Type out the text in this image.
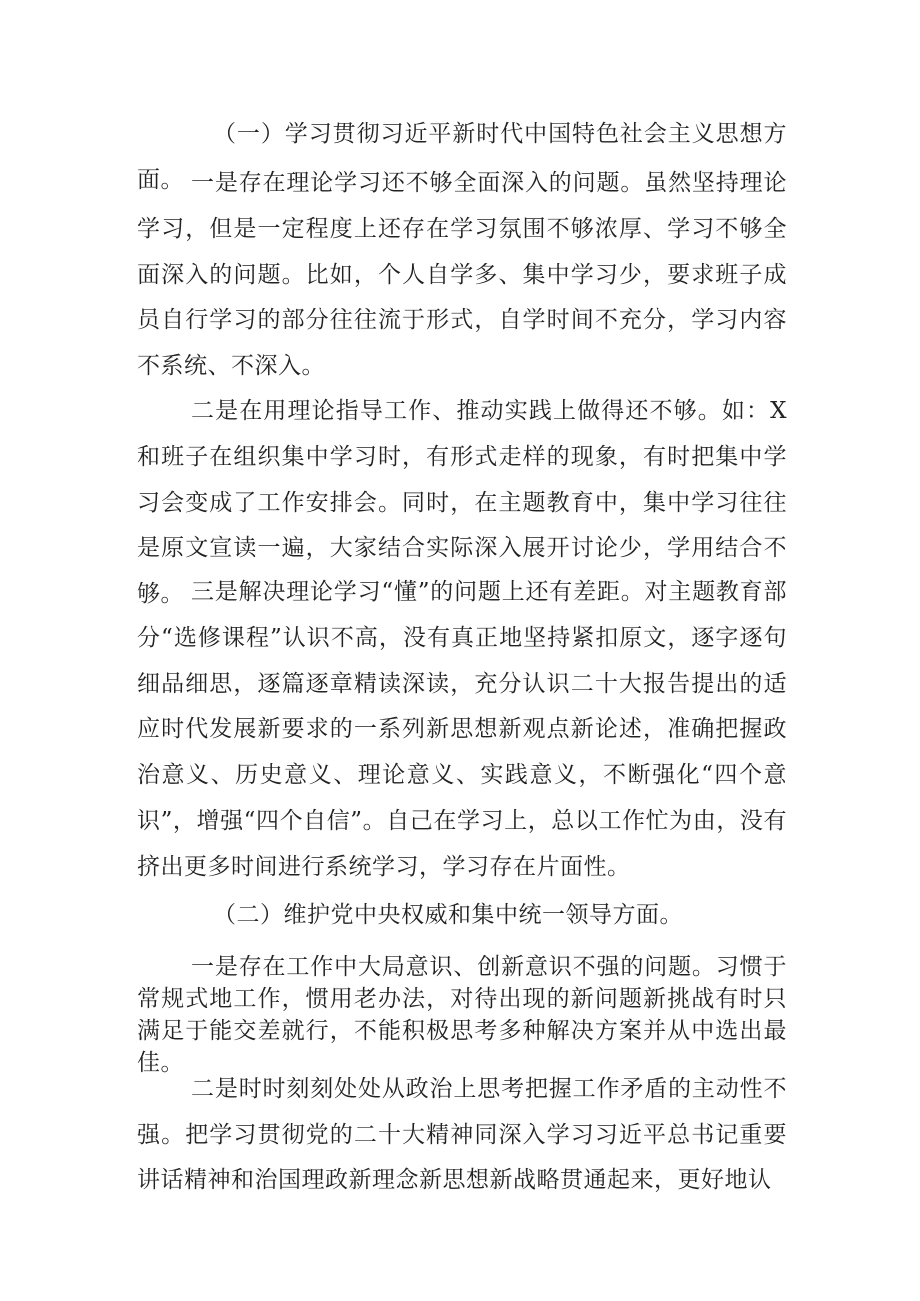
（一）学习贯彻习近平新时代中国特色社会主义思想方面。 一是存在理论学习还不够全面深入的问题。虽然坚持理论学习，但是一定程度上还存在学习氛围不够浓厚、学习不够全面深入的问题。比如，个人自学多、集中学习少，要求班子成员自行学习的部分往往流于形式，自学时间不充分，学习内容不系统、不深入。

二是在用理论指导工作、推动实践上做得还不够。如：X和班子在组织集中学习时，有形式走样的现象，有时把集中学习会变成了工作安排会。同时，在主题教育中，集中学习往往是原文宣读一遍，大家结合实际深入展开讨论少，学用结合不够。 三是解决理论学习“懂”的问题上还有差距。对主题教育部分“选修课程”认识不高，没有真正地坚持紧扣原文，逐字逐句细品细思，逐篇逐章精读深读，充分认识二十大报告提出的适应时代发展新要求的一系列新思想新观点新论述，准确把握政治意义、历史意义、理论意义、实践意义，不断强化“四个意识”，增强“四个自信”。自己在学习上，总以工作忙为由，没有挤出更多时间进行系统学习，学习存在片面性。

（二）维护党中央权威和集中统一领导方面。

一是存在工作中大局意识、创新意识不强的问题。习惯于常规式地工作，惯用老办法，对待出现的新问题新挑战有时只满足于能交差就行，不能积极思考多种解决方案并从中选出最佳。

二是时时刻刻处处从政治上思考把握工作矛盾的主动性不强。把学习贯彻党的二十大精神同深入学习习近平总书记重要讲话精神和治国理政新理念新思想新战略贯通起来，更好地认
